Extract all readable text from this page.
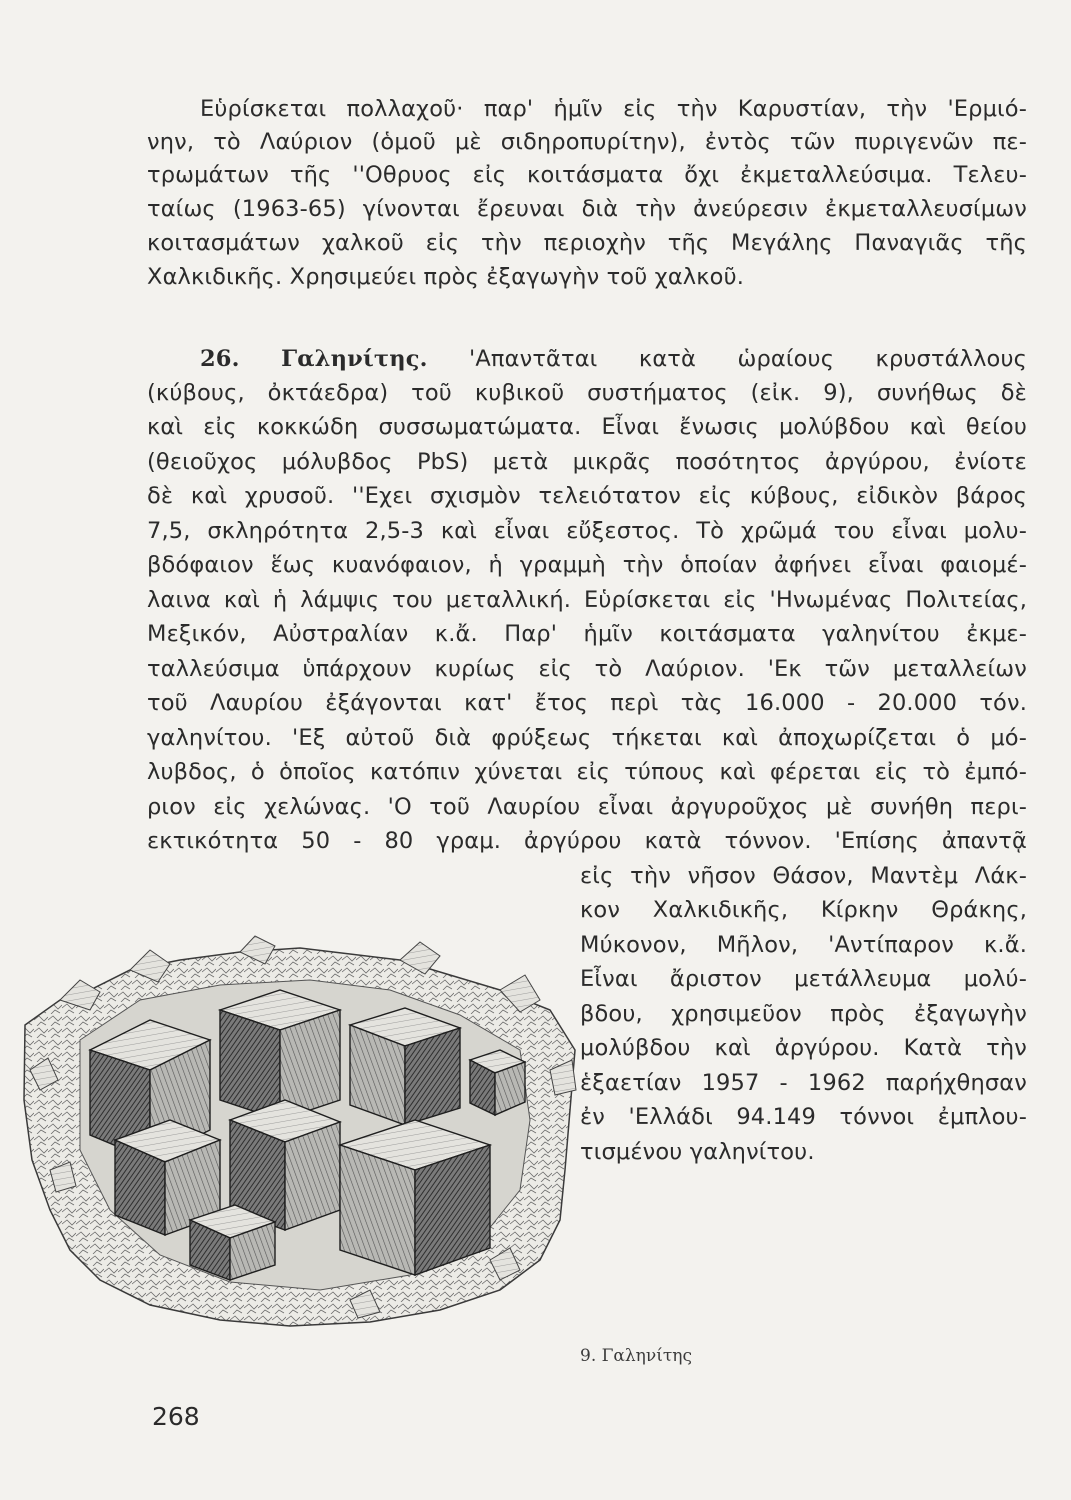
Εὑρίσκεται πολλαχοῦ· παρ' ἡμῖν εἰς τὴν Καρυστίαν, τὴν 'Ερμιό-
νην, τὸ Λαύριον (ὁμοῦ μὲ σιδηροπυρίτην), ἐντὸς τῶν πυριγενῶν πε-
τρωμάτων τῆς ''Οθρυος εἰς κοιτάσματα ὄχι ἐκμεταλλεύσιμα. Τελευ-
ταίως (1963-65) γίνονται ἔρευναι διὰ τὴν ἀνεύρεσιν ἐκμεταλλευσίμων
κοιτασμάτων χαλκοῦ εἰς τὴν περιοχὴν τῆς Μεγάλης Παναγιᾶς τῆς
Χαλκιδικῆς. Χρησιμεύει πρὸς ἐξαγωγὴν τοῦ χαλκοῦ.
26. Γαληνίτης. 'Απαντᾶται κατὰ ὡραίους κρυστάλλους
(κύβους, ὀκτάεδρα) τοῦ κυβικοῦ συστήματος (εἰκ. 9), συνήθως δὲ
καὶ εἰς κοκκώδη συσσωματώματα. Εἶναι ἔνωσις μολύβδου καὶ θείου
(θειοῦχος μόλυβδος PbS) μετὰ μικρᾶς ποσότητος ἀργύρου, ἐνίοτε
δὲ καὶ χρυσοῦ. ''Εχει σχισμὸν τελειότατον εἰς κύβους, εἰδικὸν βάρος
7,5, σκληρότητα 2,5-3 καὶ εἶναι εὔξεστος. Τὸ χρῶμά του εἶναι μολυ-
βδόφαιον ἕως κυανόφαιον, ἡ γραμμὴ τὴν ὁποίαν ἀφήνει εἶναι φαιομέ-
λαινα καὶ ἡ λάμψις του μεταλλική. Εὑρίσκεται εἰς 'Ηνωμένας Πολιτείας,
Μεξικόν, Αὐστραλίαν κ.ἄ. Παρ' ἡμῖν κοιτάσματα γαληνίτου ἐκμε-
ταλλεύσιμα ὑπάρχουν κυρίως εἰς τὸ Λαύριον. 'Εκ τῶν μεταλλείων
τοῦ Λαυρίου ἐξάγονται κατ' ἔτος περὶ τὰς 16.000 - 20.000 τόν.
γαληνίτου. 'Εξ αὐτοῦ διὰ φρύξεως τήκεται καὶ ἀποχωρίζεται ὁ μό-
λυβδος, ὁ ὁποῖος κατόπιν χύνεται εἰς τύπους καὶ φέρεται εἰς τὸ ἐμπό-
ριον εἰς χελώνας. 'Ο τοῦ Λαυρίου εἶναι ἀργυροῦχος μὲ συνήθη περι-
εκτικότητα 50 - 80 γραμ. ἀργύρου κατὰ τόννον. 'Επίσης ἀπαντᾷ
εἰς τὴν νῆσον Θάσον, Μαντὲμ Λάκ-
κον Χαλκιδικῆς, Κίρκην Θράκης,
Μύκονον, Μῆλον, 'Αντίπαρον κ.ἄ.
Εἶναι ἄριστον μετάλλευμα μολύ-
βδου, χρησιμεῦον πρὸς ἐξαγωγὴν
μολύβδου καὶ ἀργύρου. Κατὰ τὴν
ἑξαετίαν 1957 - 1962 παρήχθησαν
ἐν 'Ελλάδι 94.149 τόννοι ἐμπλου-
τισμένου γαληνίτου.
9. Γαληνίτης
268
